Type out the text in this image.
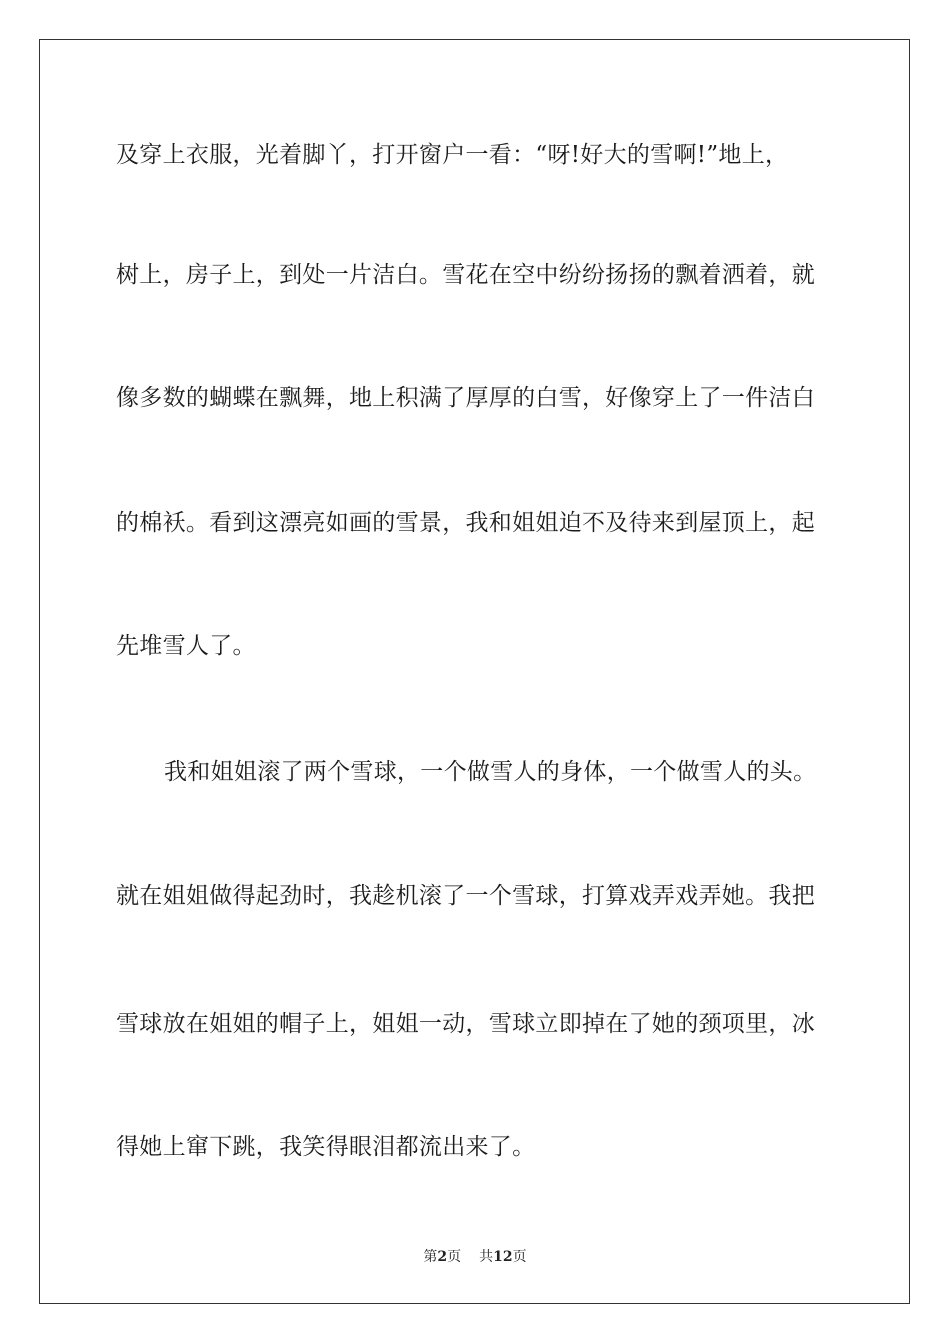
及穿上衣服，光着脚丫，打开窗户一看：“呀!好大的雪啊!”地上，
树上，房子上，到处一片洁白。雪花在空中纷纷扬扬的飘着洒着，就
像多数的蝴蝶在飘舞，地上积满了厚厚的白雪，好像穿上了一件洁白
的棉袄。看到这漂亮如画的雪景，我和姐姐迫不及待来到屋顶上，起
先堆雪人了。
我和姐姐滚了两个雪球，一个做雪人的身体，一个做雪人的头。
就在姐姐做得起劲时，我趁机滚了一个雪球，打算戏弄戏弄她。我把
雪球放在姐姐的帽子上，姐姐一动，雪球立即掉在了她的颈项里，冰
得她上窜下跳，我笑得眼泪都流出来了。
第2页 共12页
